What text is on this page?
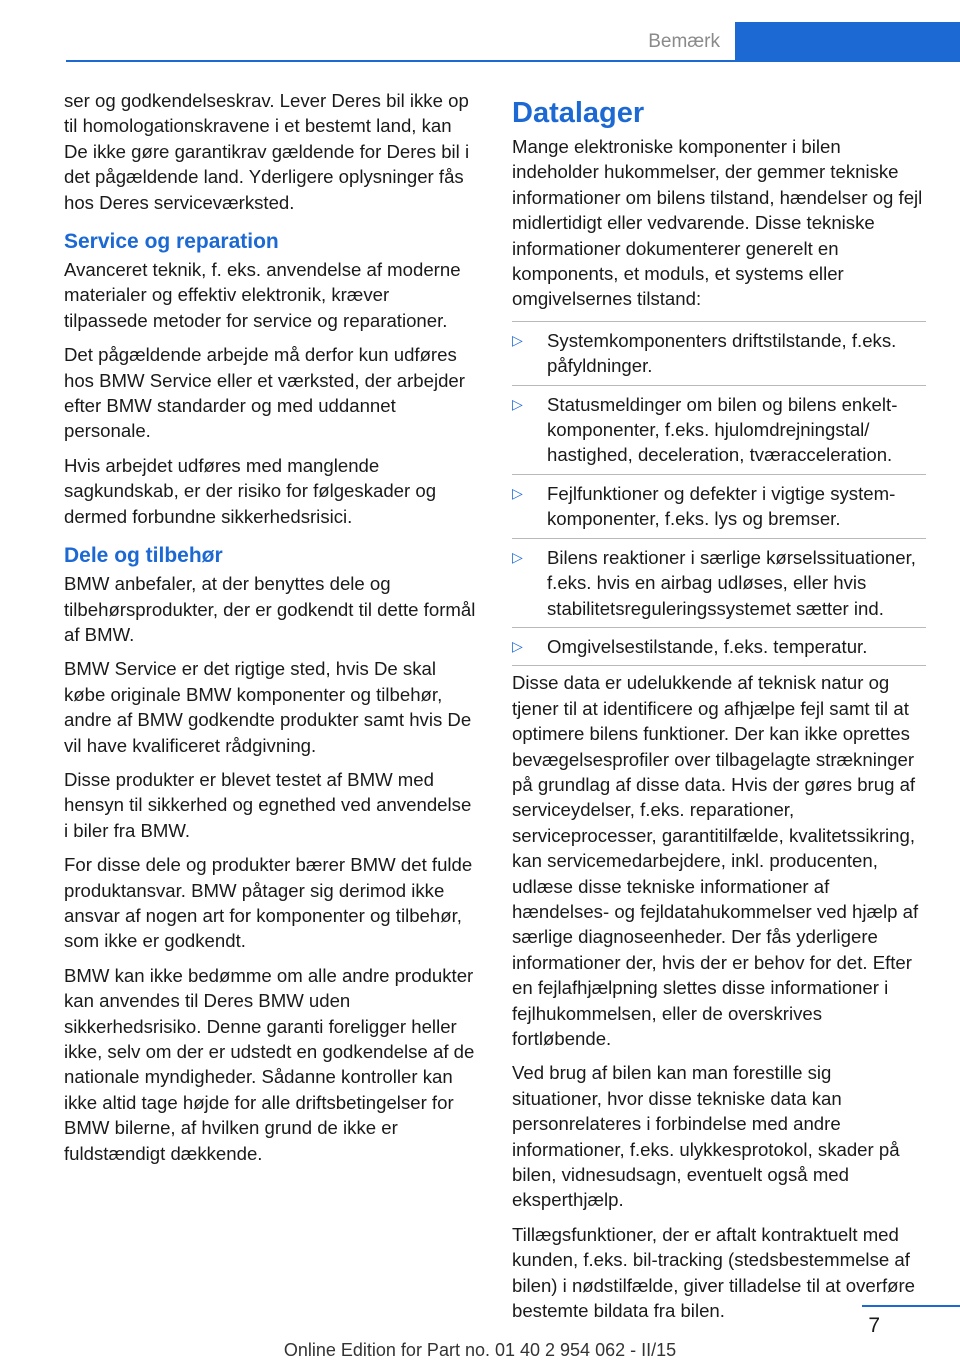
Bemærk

ser og godkendelseskrav. Lever Deres bil ikke op til homologationskravene i et bestemt land, kan De ikke gøre garantikrav gældende for Deres bil i det pågældende land. Yderligere oplysninger fås hos Deres serviceværksted.

Service og reparation

Avanceret teknik, f. eks. anvendelse af moderne materialer og effektiv elektronik, kræver tilpassede metoder for service og reparationer.

Det pågældende arbejde må derfor kun udføres hos BMW Service eller et værksted, der arbejder efter BMW standarder og med uddannet personale.

Hvis arbejdet udføres med manglende sagkundskab, er der risiko for følgeskader og dermed forbundne sikkerhedsrisici.

Dele og tilbehør

BMW anbefaler, at der benyttes dele og tilbehørsprodukter, der er godkendt til dette formål af BMW.

BMW Service er det rigtige sted, hvis De skal købe originale BMW komponenter og tilbehør, andre af BMW godkendte produkter samt hvis De vil have kvalificeret rådgivning.

Disse produkter er blevet testet af BMW med hensyn til sikkerhed og egnethed ved anvendelse i biler fra BMW.

For disse dele og produkter bærer BMW det fulde produktansvar. BMW påtager sig derimod ikke ansvar af nogen art for komponenter og tilbehør, som ikke er godkendt.

BMW kan ikke bedømme om alle andre produkter kan anvendes til Deres BMW uden sikkerhedsrisiko. Denne garanti foreligger heller ikke, selv om der er udstedt en godkendelse af de nationale myndigheder. Sådanne kontroller kan ikke altid tage højde for alle driftsbetingelser for BMW bilerne, af hvilken grund de ikke er fuldstændigt dækkende.

Datalager

Mange elektroniske komponenter i bilen indeholder hukommelser, der gemmer tekniske informationer om bilens tilstand, hændelser og fejl midlertidigt eller vedvarende. Disse tekniske informationer dokumenterer generelt en komponents, et moduls, et systems eller omgivelsernes tilstand:

▷ Systemkomponenters driftstilstande, f.eks. påfyldninger.
▷ Statusmeldinger om bilen og bilens enkeltkomponenter, f.eks. hjulomdrejningstal/ hastighed, deceleration, tværacceleration.
▷ Fejlfunktioner og defekter i vigtige systemkomponenter, f.eks. lys og bremser.
▷ Bilens reaktioner i særlige kørselssituationer, f.eks. hvis en airbag udløses, eller hvis stabilitetsreguleringssystemet sætter ind.
▷ Omgivelsestilstande, f.eks. temperatur.

Disse data er udelukkende af teknisk natur og tjener til at identificere og afhjælpe fejl samt til at optimere bilens funktioner. Der kan ikke oprettes bevægelsesprofiler over tilbagelagte strækninger på grundlag af disse data. Hvis der gøres brug af serviceydelser, f.eks. reparationer, serviceprocesser, garantitilfælde, kvalitetssikring, kan servicemedarbejdere, inkl. producenten, udlæse disse tekniske informationer af hændelses- og fejldatahukommelser ved hjælp af særlige diagnoseenheder. Der fås yderligere informationer der, hvis der er behov for det. Efter en fejlafhjælpning slettes disse informationer i fejlhukommelsen, eller de overskrives fortløbende.

Ved brug af bilen kan man forestille sig situationer, hvor disse tekniske data kan personrelateres i forbindelse med andre informationer, f.eks. ulykkesprotokol, skader på bilen, vidnesudsagn, eventuelt også med eksperthjælp.

Tillægsfunktioner, der er aftalt kontraktuelt med kunden, f.eks. bil-tracking (stedsbestemmelse af bilen) i nødstilfælde, giver tilladelse til at overføre bestemte bildata fra bilen.

7
Online Edition for Part no. 01 40 2 954 062 - II/15
